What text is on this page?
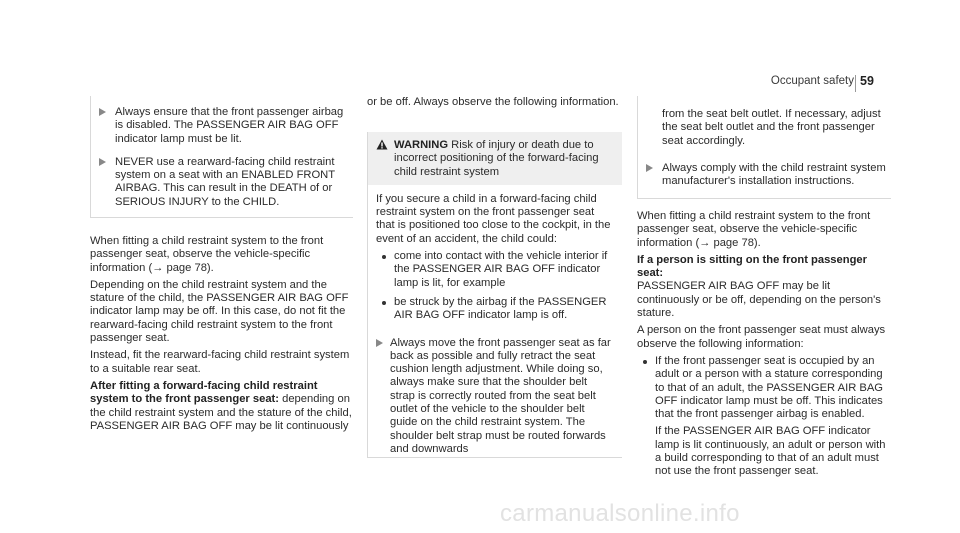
Occupant safety 59
Always ensure that the front passenger airbag is disabled. The PASSENGER AIR BAG OFF indicator lamp must be lit.
NEVER use a rearward-facing child restraint system on a seat with an ENABLED FRONT AIRBAG. This can result in the DEATH of or SERIOUS INJURY to the CHILD.

When fitting a child restraint system to the front passenger seat, observe the vehicle-specific information (→ page 78).

Depending on the child restraint system and the stature of the child, the PASSENGER AIR BAG OFF indicator lamp may be off. In this case, do not fit the rearward-facing child restraint system to the front passenger seat.

Instead, fit the rearward-facing child restraint system to a suitable rear seat.

After fitting a forward-facing child restraint system to the front passenger seat: depending on the child restraint system and the stature of the child, PASSENGER AIR BAG OFF may be lit continuously

or be off. Always observe the following information.

WARNING Risk of injury or death due to incorrect positioning of the forward-facing child restraint system

If you secure a child in a forward-facing child restraint system on the front passenger seat that is positioned too close to the cockpit, in the event of an accident, the child could:

come into contact with the vehicle interior if the PASSENGER AIR BAG OFF indicator lamp is lit, for example
be struck by the airbag if the PASSENGER AIR BAG OFF indicator lamp is off.
Always move the front passenger seat as far back as possible and fully retract the seat cushion length adjustment. While doing so, always make sure that the shoulder belt strap is correctly routed from the seat belt outlet of the vehicle to the shoulder belt guide on the child restraint system. The shoulder belt strap must be routed forwards and downwards
from the seat belt outlet. If necessary, adjust the seat belt outlet and the front passenger seat accordingly.
Always comply with the child restraint system manufacturer's installation instructions.

When fitting a child restraint system to the front passenger seat, observe the vehicle-specific information (→ page 78).

If a person is sitting on the front passenger seat:
PASSENGER AIR BAG OFF may be lit continuously or be off, depending on the person's stature.

A person on the front passenger seat must always observe the following information:

If the front passenger seat is occupied by an adult or a person with a stature corresponding to that of an adult, the PASSENGER AIR BAG OFF indicator lamp must be off. This indicates that the front passenger airbag is enabled.
If the PASSENGER AIR BAG OFF indicator lamp is lit continuously, an adult or person with a build corresponding to that of an adult must not use the front passenger seat.
carmanualsonline.info
